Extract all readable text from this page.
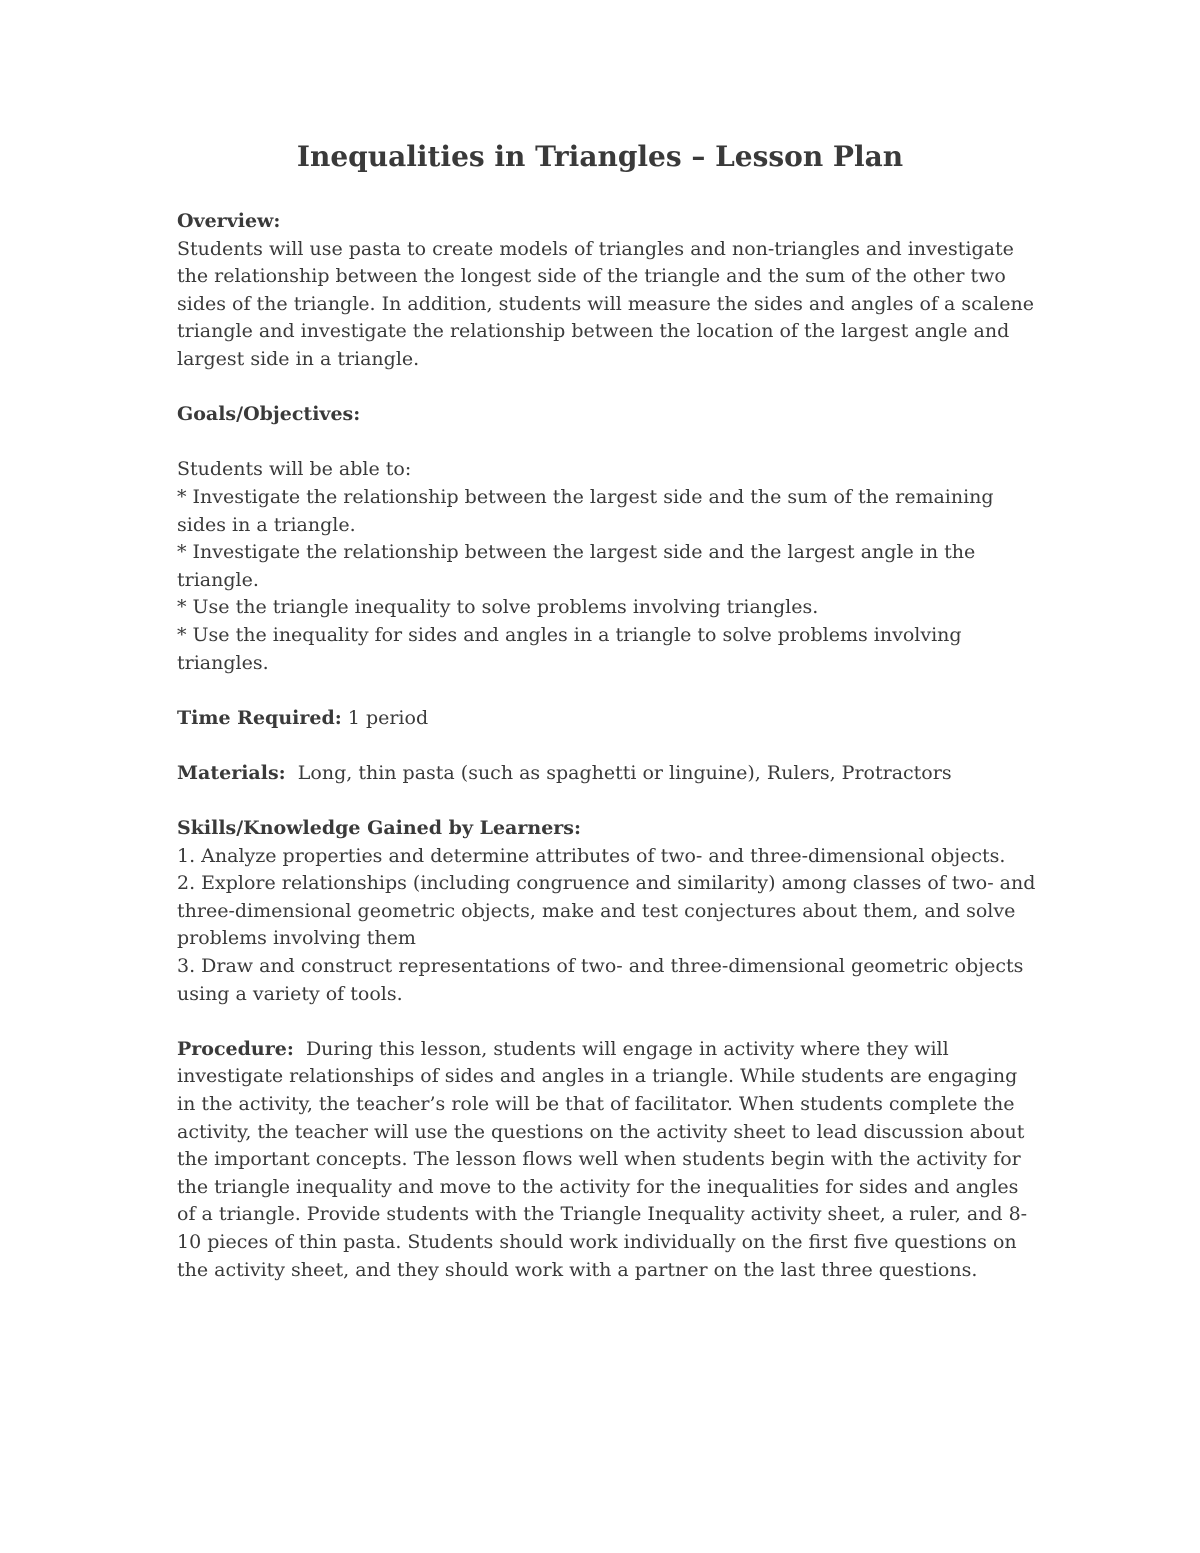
Inequalities in Triangles – Lesson Plan

Overview:
Students will use pasta to create models of triangles and non-triangles and investigate the relationship between the longest side of the triangle and the sum of the other two sides of the triangle. In addition, students will measure the sides and angles of a scalene triangle and investigate the relationship between the location of the largest angle and largest side in a triangle.

Goals/Objectives:

Students will be able to:

* Investigate the relationship between the largest side and the sum of the remaining sides in a triangle.

* Investigate the relationship between the largest side and the largest angle in the triangle.

* Use the triangle inequality to solve problems involving triangles.

* Use the inequality for sides and angles in a triangle to solve problems involving triangles.

Time Required: 1 period

Materials: Long, thin pasta (such as spaghetti or linguine), Rulers, Protractors

Skills/Knowledge Gained by Learners:

1. Analyze properties and determine attributes of two- and three-dimensional objects.

2. Explore relationships (including congruence and similarity) among classes of two- and three-dimensional geometric objects, make and test conjectures about them, and solve problems involving them

3. Draw and construct representations of two- and three-dimensional geometric objects using a variety of tools.

Procedure: During this lesson, students will engage in activity where they will investigate relationships of sides and angles in a triangle. While students are engaging in the activity, the teacher’s role will be that of facilitator. When students complete the activity, the teacher will use the questions on the activity sheet to lead discussion about the important concepts. The lesson flows well when students begin with the activity for the triangle inequality and move to the activity for the inequalities for sides and angles of a triangle. Provide students with the Triangle Inequality activity sheet, a ruler, and 8-10 pieces of thin pasta. Students should work individually on the first five questions on the activity sheet, and they should work with a partner on the last three questions.
